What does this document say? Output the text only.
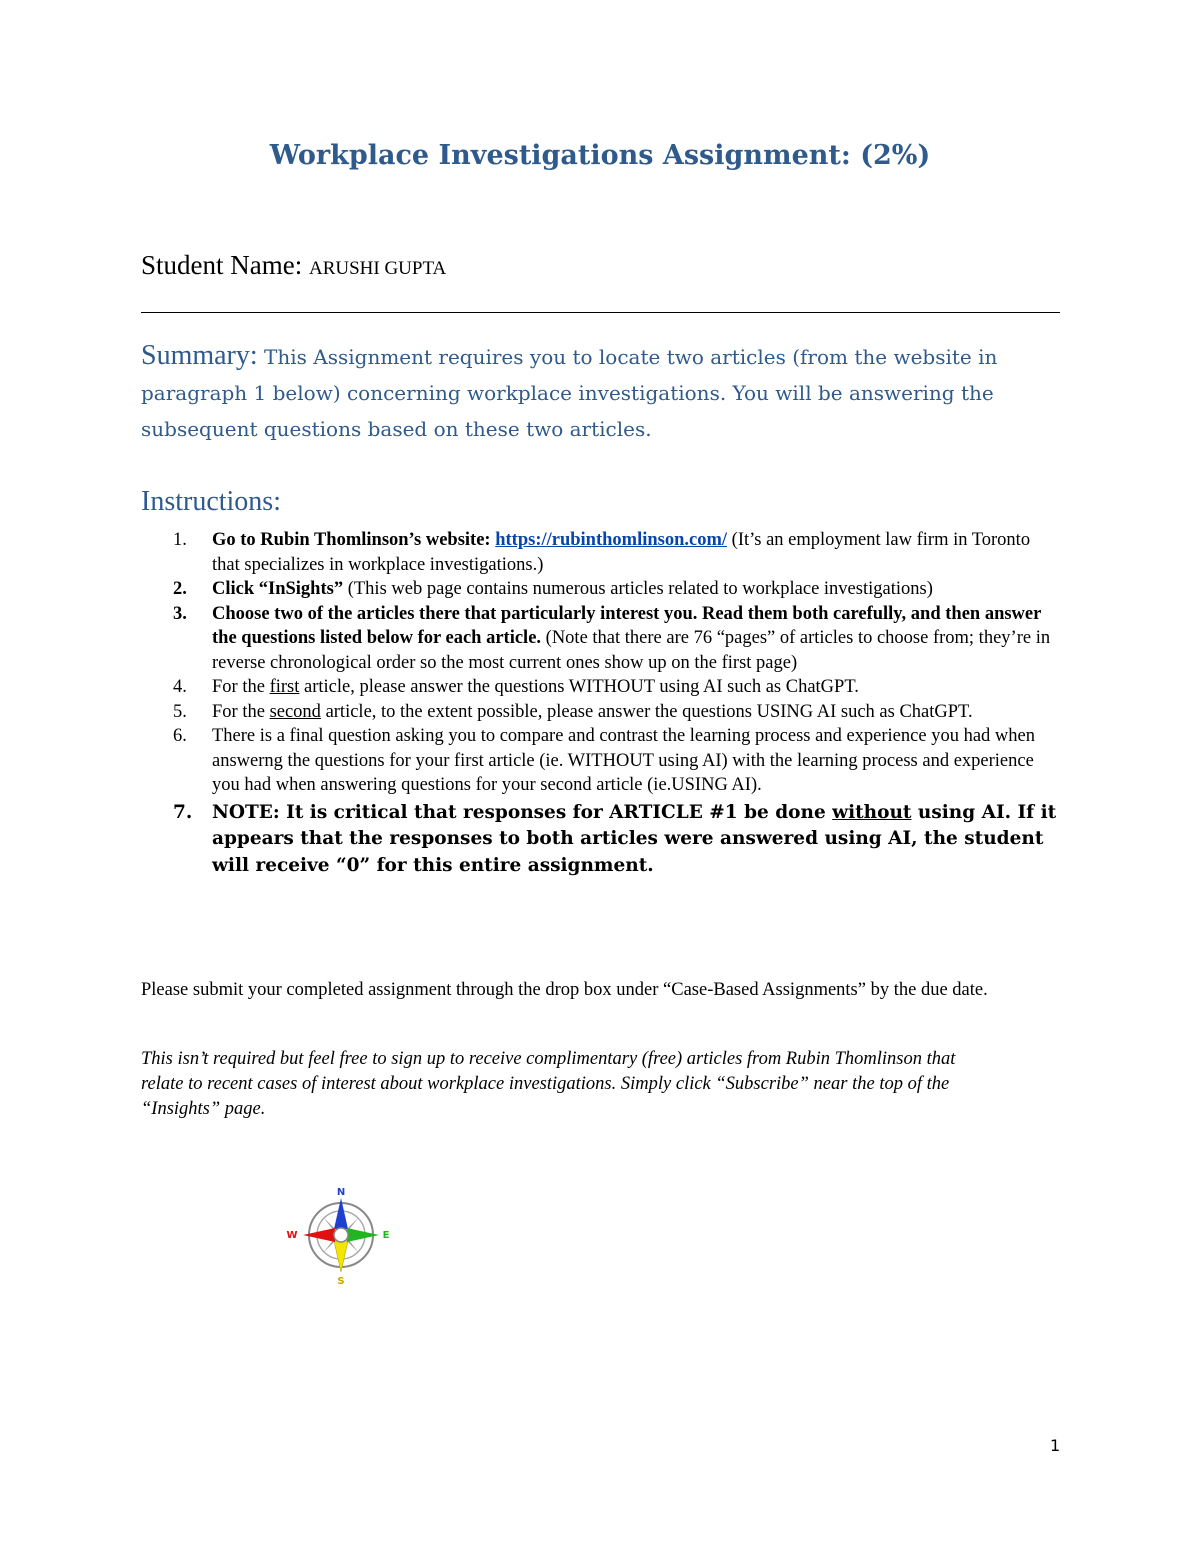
Workplace Investigations Assignment: (2%)
Student Name: ARUSHI GUPTA

Summary: This Assignment requires you to locate two articles (from the website in paragraph 1 below) concerning workplace investigations. You will be answering the subsequent questions based on these two articles.

Instructions:
1. Go to Rubin Thomlinson’s website: https://rubinthomlinson.com/ (It’s an employment law firm in Toronto that specializes in workplace investigations.)
2. Click “InSights” (This web page contains numerous articles related to workplace investigations)
3. Choose two of the articles there that particularly interest you. Read them both carefully, and then answer the questions listed below for each article. (Note that there are 76 “pages” of articles to choose from; they’re in reverse chronological order so the most current ones show up on the first page)
4. For the first article, please answer the questions WITHOUT using AI such as ChatGPT.
5. For the second article, to the extent possible, please answer the questions USING AI such as ChatGPT.
6. There is a final question asking you to compare and contrast the learning process and experience you had when answerng the questions for your first article (ie. WITHOUT using AI) with the learning process and experience you had when answering questions for your second article (ie.USING AI).
7. NOTE: It is critical that responses for ARTICLE #1 be done without using AI. If it appears that the responses to both articles were answered using AI, the student will receive “0” for this entire assignment.

Please submit your completed assignment through the drop box under “Case-Based Assignments” by the due date.

This isn’t required but feel free to sign up to receive complimentary (free) articles from Rubin Thomlinson that relate to recent cases of interest about workplace investigations. Simply click “Subscribe” near the top of the “Insights” page.

N
S
W	E
1
